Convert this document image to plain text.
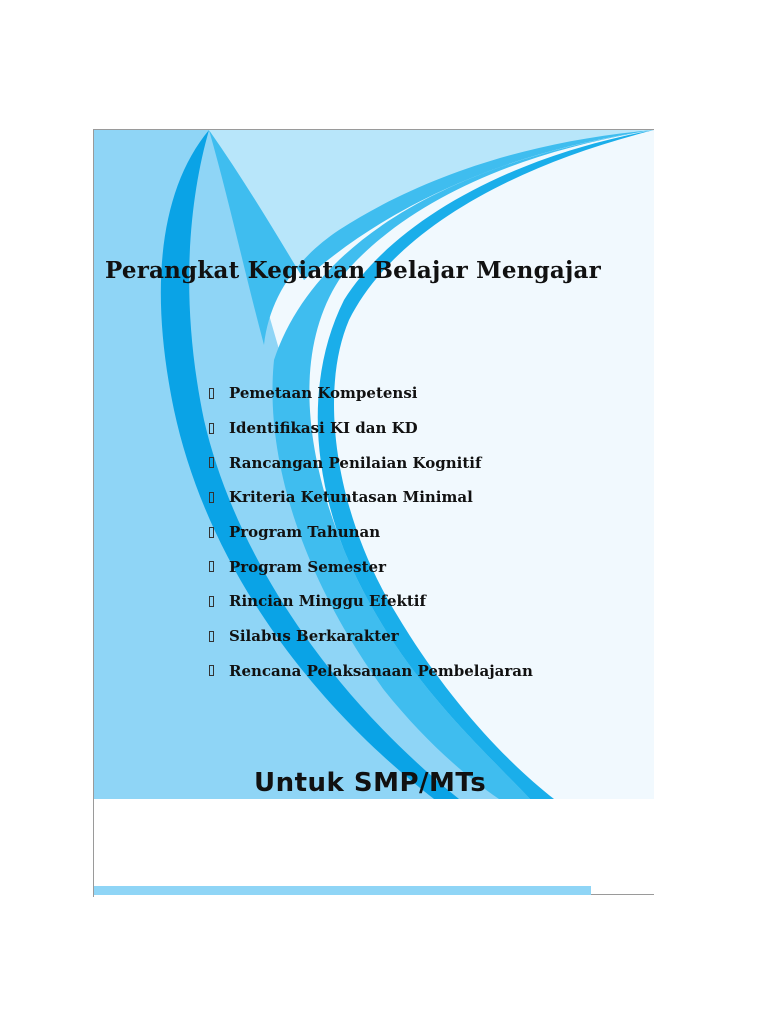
Perangkat Kegiatan Belajar Mengajar
Pemetaan Kompetensi
Identifikasi KI dan KD
Rancangan Penilaian Kognitif
Kriteria Ketuntasan Minimal
Program Tahunan
Program Semester
Rincian Minggu Efektif
Silabus Berkarakter
Rencana Pelaksanaan Pembelajaran
Untuk SMP/MTs
